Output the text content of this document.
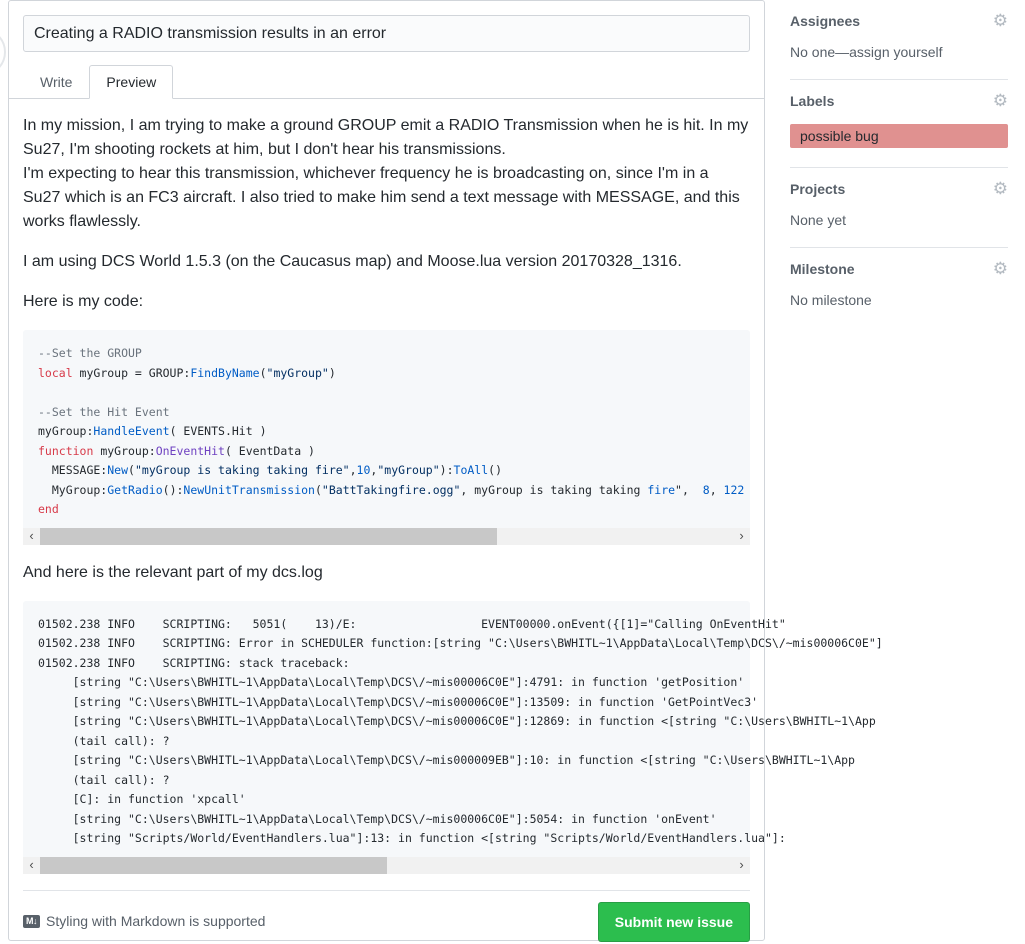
Creating a RADIO transmission results in an error
Write	Preview

In my mission, I am trying to make a ground GROUP emit a RADIO Transmission when he is hit. In my Su27, I'm shooting rockets at him, but I don't hear his transmissions.
I'm expecting to hear this transmission, whichever frequency he is broadcasting on, since I'm in a Su27 which is an FC3 aircraft. I also tried to make him send a text message with MESSAGE, and this works flawlessly.

I am using DCS World 1.5.3 (on the Caucasus map) and Moose.lua version 20170328_1316.

Here is my code:

--Set the GROUP
local myGroup = GROUP:FindByName("myGroup")

--Set the Hit Event
myGroup:HandleEvent( EVENTS.Hit )
function myGroup:OnEventHit( EventData )
MESSAGE:New("myGroup is taking taking fire",10,"myGroup"):ToAll()
MyGroup:GetRadio():NewUnitTransmission("BattTakingfire.ogg", myGroup is taking taking fire",  8, 122
end
‹	›

And here is the relevant part of my dcs.log

01502.238 INFO    SCRIPTING:   5051(    13)/E:                  EVENT00000.onEvent({[1]="Calling OnEventHit"
01502.238 INFO    SCRIPTING: Error in SCHEDULER function:[string "C:\Users\BWHITL~1\AppData\Local\Temp\DCS\/~mis00006C0E"]
01502.238 INFO    SCRIPTING: stack traceback:
[string "C:\Users\BWHITL~1\AppData\Local\Temp\DCS\/~mis00006C0E"]:4791: in function 'getPosition'
[string "C:\Users\BWHITL~1\AppData\Local\Temp\DCS\/~mis00006C0E"]:13509: in function 'GetPointVec3'
[string "C:\Users\BWHITL~1\AppData\Local\Temp\DCS\/~mis00006C0E"]:12869: in function <[string "C:\Users\BWHITL~1\App
(tail call): ?
[string "C:\Users\BWHITL~1\AppData\Local\Temp\DCS\/~mis000009EB"]:10: in function <[string "C:\Users\BWHITL~1\App
(tail call): ?
[C]: in function 'xpcall'
[string "C:\Users\BWHITL~1\AppData\Local\Temp\DCS\/~mis00006C0E"]:5054: in function 'onEvent'
[string "Scripts/World/EventHandlers.lua"]:13: in function <[string "Scripts/World/EventHandlers.lua"]:
‹	›
M↓ Styling with Markdown is supported	Submit new issue
Assignees	⚙
No one—assign yourself
Labels	⚙
possible bug
Projects	⚙
None yet
Milestone	⚙
No milestone
